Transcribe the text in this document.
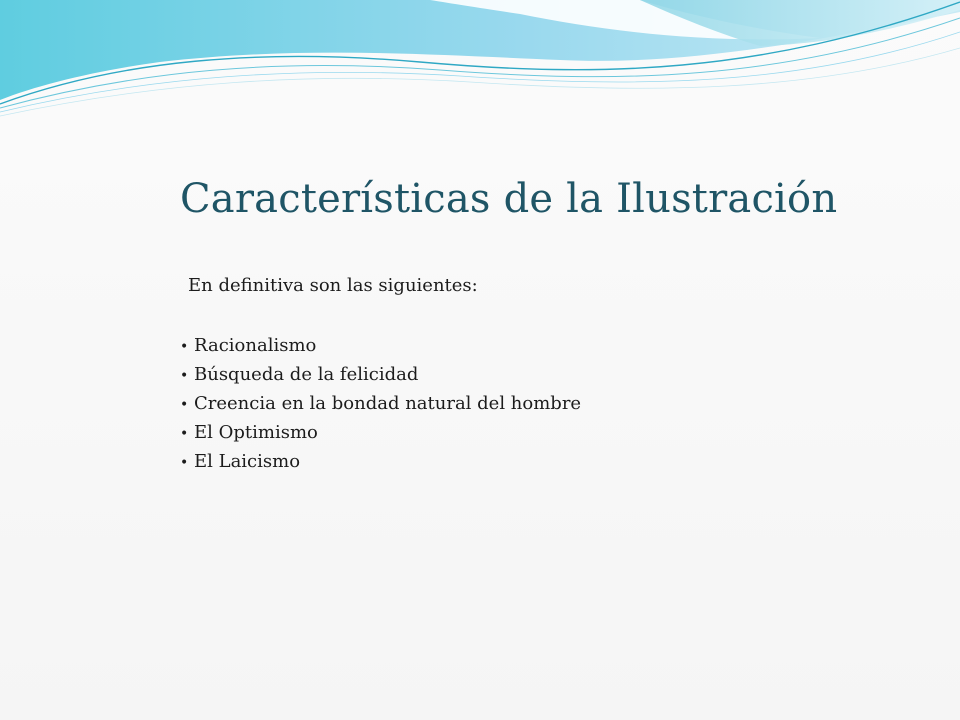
Características de la Ilustración

En definitiva son las siguientes:

• Racionalismo
• Búsqueda de la felicidad
• Creencia en la bondad natural del hombre
• El Optimismo
• El Laicismo
